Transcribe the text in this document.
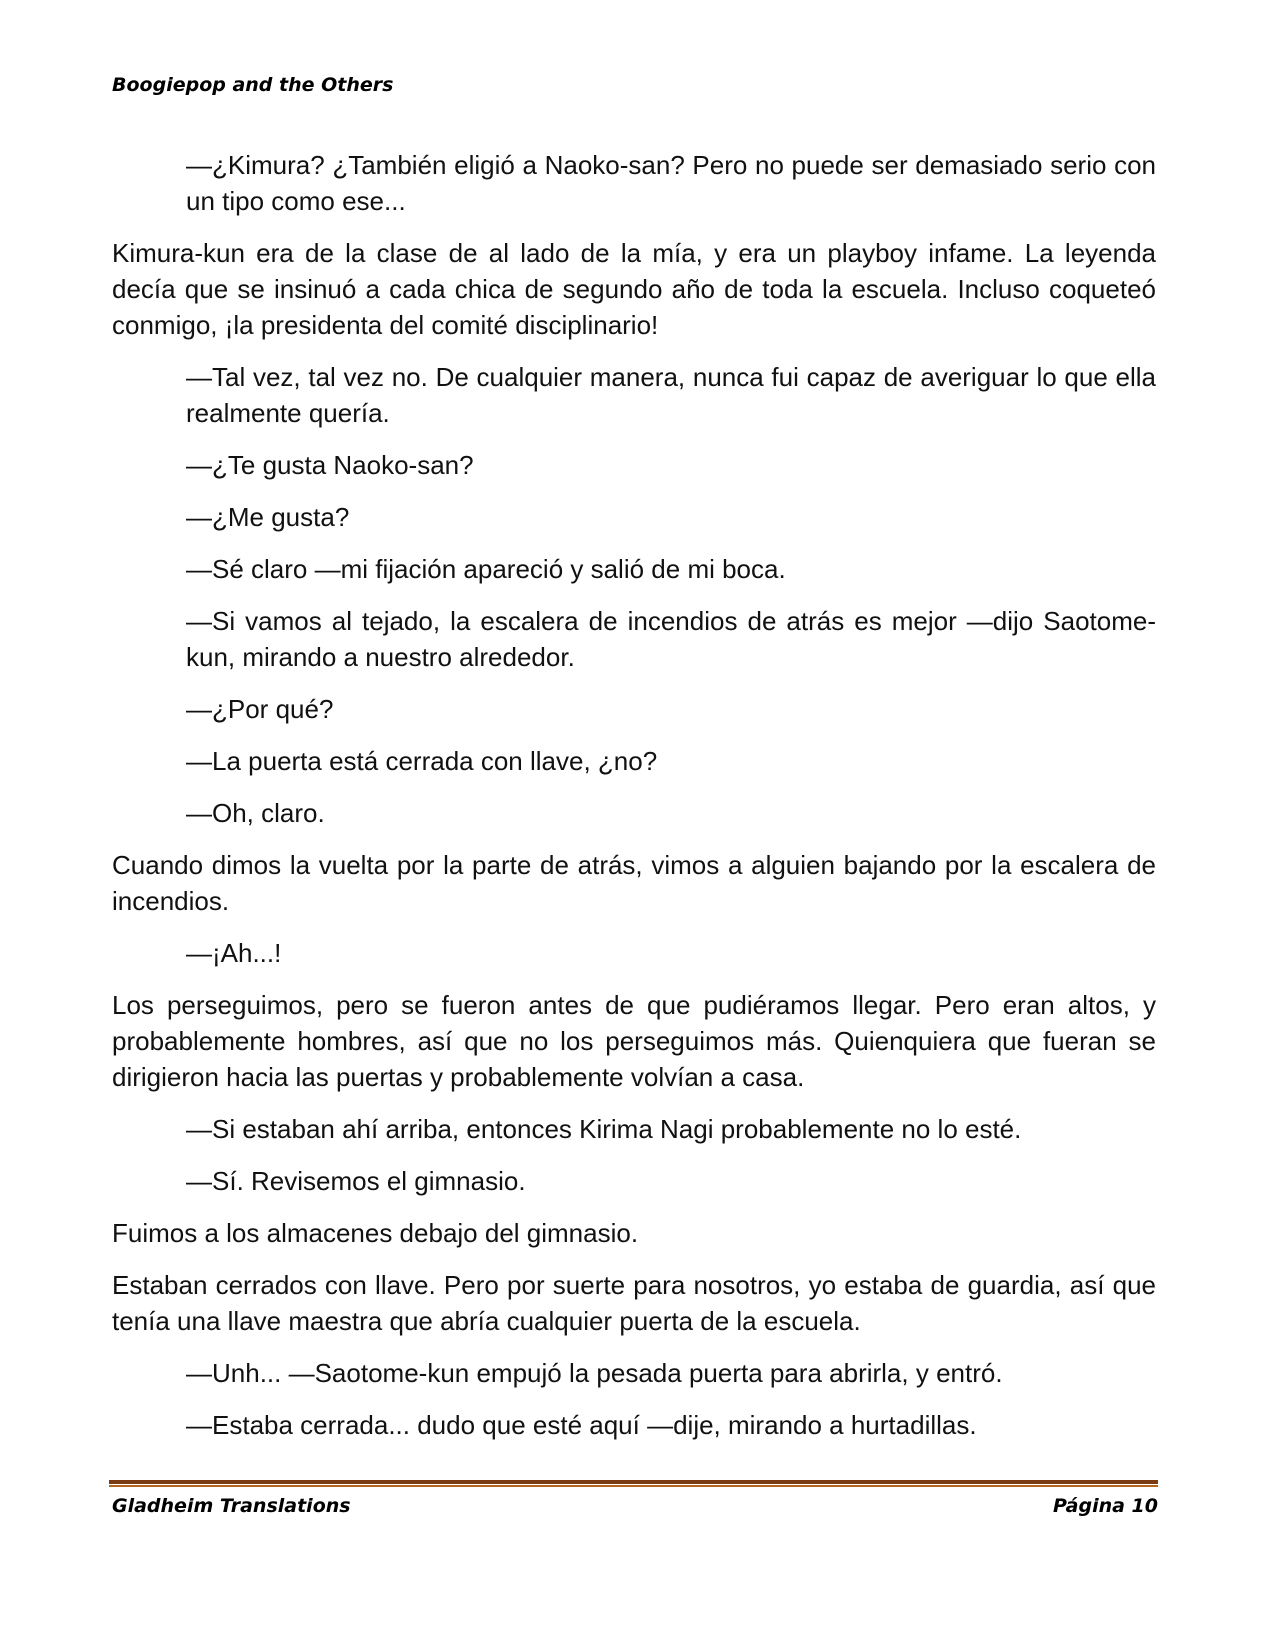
Boogiepop and the Others

—¿Kimura? ¿También eligió a Naoko-san? Pero no puede ser demasiado serio con un tipo como ese...

Kimura-kun era de la clase de al lado de la mía, y era un playboy infame. La leyenda decía que se insinuó a cada chica de segundo año de toda la escuela. Incluso coqueteó conmigo, ¡la presidenta del comité disciplinario!

—Tal vez, tal vez no. De cualquier manera, nunca fui capaz de averiguar lo que ella realmente quería.

—¿Te gusta Naoko-san?

—¿Me gusta?

—Sé claro —mi fijación apareció y salió de mi boca.

—Si vamos al tejado, la escalera de incendios de atrás es mejor —dijo Saotome-kun, mirando a nuestro alrededor.

—¿Por qué?

—La puerta está cerrada con llave, ¿no?

—Oh, claro.

Cuando dimos la vuelta por la parte de atrás, vimos a alguien bajando por la escalera de incendios.

—¡Ah...!

Los perseguimos, pero se fueron antes de que pudiéramos llegar. Pero eran altos, y probablemente hombres, así que no los perseguimos más. Quienquiera que fueran se dirigieron hacia las puertas y probablemente volvían a casa.

—Si estaban ahí arriba, entonces Kirima Nagi probablemente no lo esté.

—Sí. Revisemos el gimnasio.

Fuimos a los almacenes debajo del gimnasio.

Estaban cerrados con llave. Pero por suerte para nosotros, yo estaba de guardia, así que tenía una llave maestra que abría cualquier puerta de la escuela.

—Unh... —Saotome-kun empujó la pesada puerta para abrirla, y entró.

—Estaba cerrada... dudo que esté aquí —dije, mirando a hurtadillas.

Gladheim Translations	Página 10
